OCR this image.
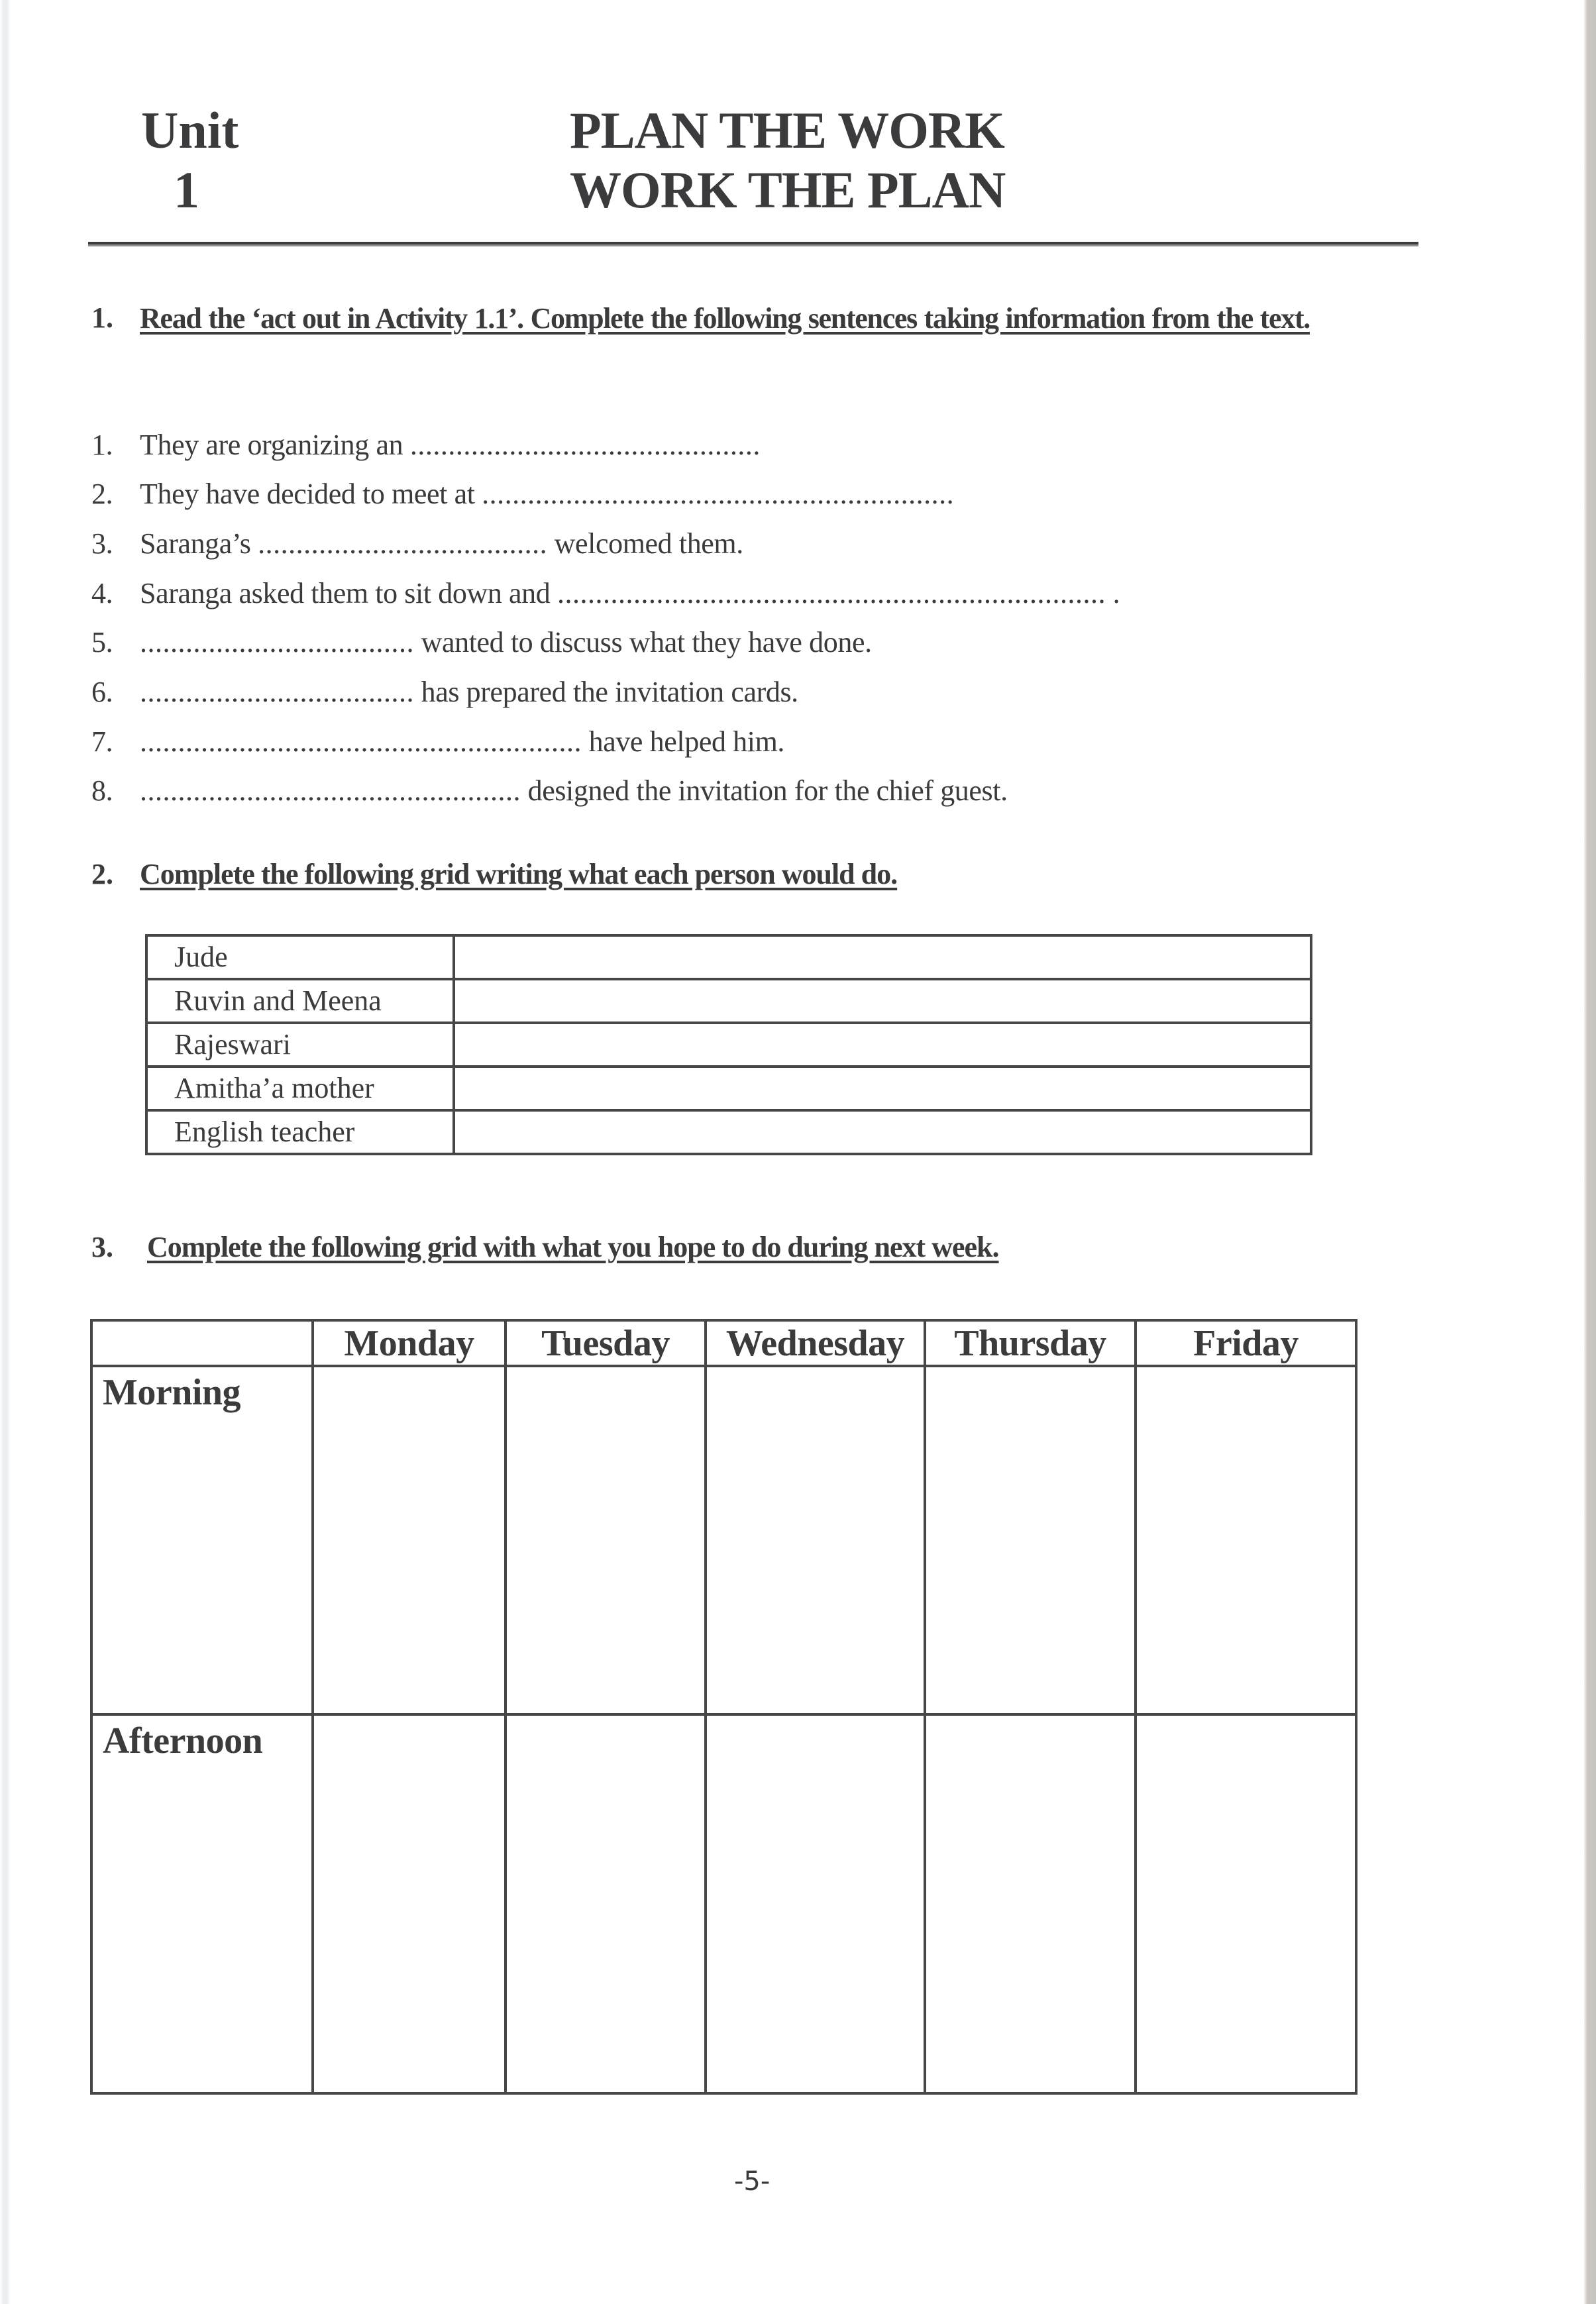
Unit
1
PLAN THE WORK
WORK THE PLAN
1. Read the ‘act out in Activity 1.1’. Complete the following sentences taking information from the text.
1. They are organizing an ..............................................
2. They have decided to meet at ..............................................................
3. Saranga’s ...................................... welcomed them.
4. Saranga asked them to sit down and ........................................................................ .
5. .................................... wanted to discuss what they have done.
6. .................................... has prepared the invitation cards.
7. .......................................................... have helped him.
8. .................................................. designed the invitation for the chief guest.
2. Complete the following grid writing what each person would do.
Jude	
Ruvin and Meena	
Rajeswari	
Amitha’a mother	
English teacher	
3. Complete the following grid with what you hope to do during next week.
	Monday	Tuesday	Wednesday	Thursday	Friday
Morning					
Afternoon					
-5-
